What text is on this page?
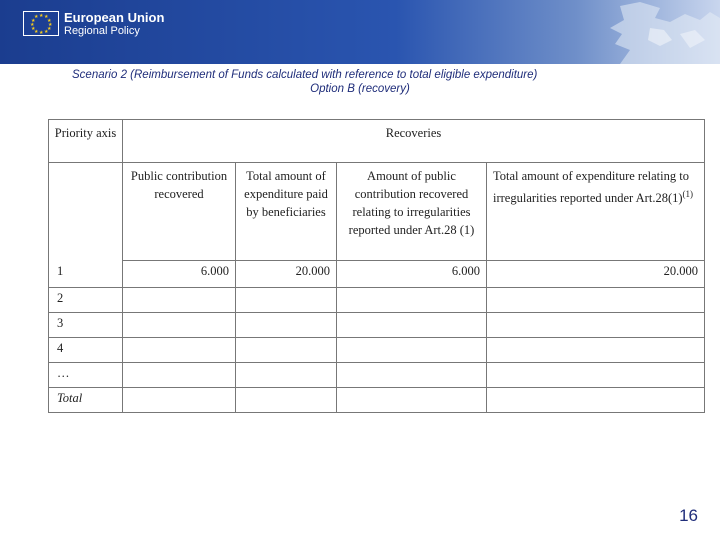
★ ★
★
★
★
★
★
★
★
★
★
★ European Union
Regional Policy
Scenario 2 (Reimbursement of Funds calculated with reference to total eligible expenditure)
Option B (recovery)
Priority axis	Recoveries			
	Public contribution recovered	Total amount of expenditure paid by beneficiaries	Amount of public contribution recovered relating to irregularities reported under Art.28 (1)	Total amount of expenditure relating to irregularities reported under $Art.28(1)^{(1)}$
1	6.000	20.000	6.000	20.000
2				
3				
4				
…				
Total				
16
